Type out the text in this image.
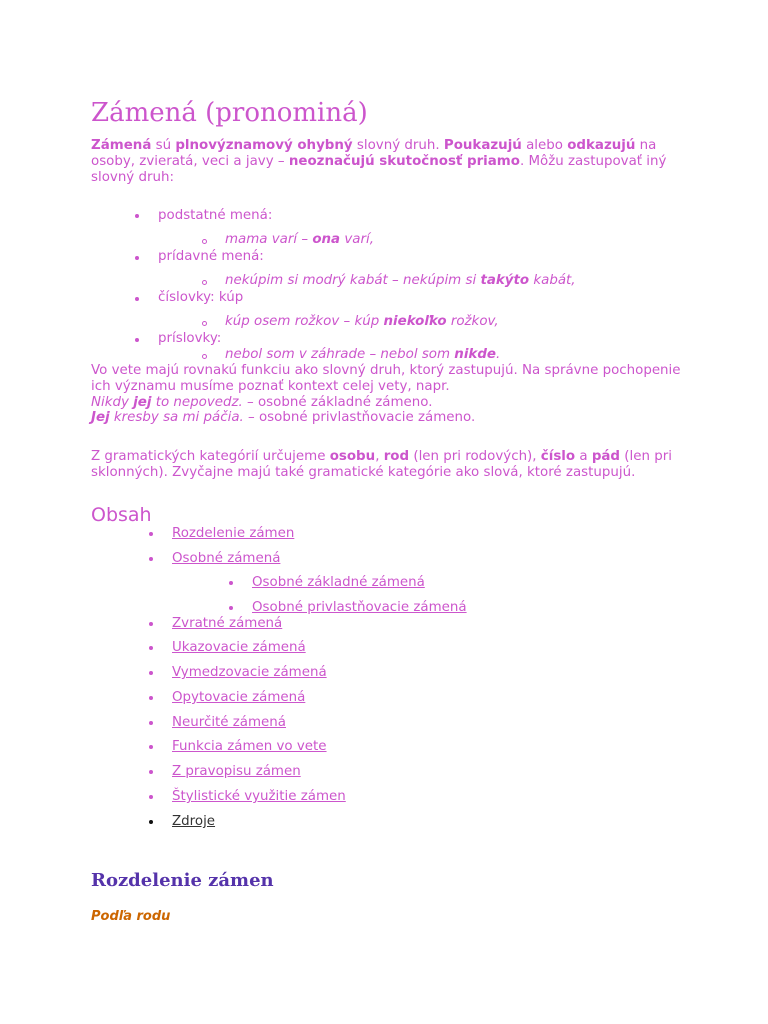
Zámená (pronominá)

Zámená sú plnovýznamový ohybný slovný druh. Poukazujú alebo odkazujú na osoby, zvieratá, veci a javy – neoznačujú skutočnosť priamo. Môžu zastupovať iný slovný druh:

podstatné mená:
mama varí – ona varí,
prídavné mená:
nekúpim si modrý kabát – nekúpim si takýto kabát,
číslovky: kúp
kúp osem rožkov – kúp niekoľko rožkov,
príslovky:
nebol som v záhrade – nebol som nikde.

Vo vete majú rovnakú funkciu ako slovný druh, ktorý zastupujú. Na správne pochopenie ich významu musíme poznať kontext celej vety, napr.

Nikdy jej to nepovedz. – osobné základné zámeno.
Jej kresby sa mi páčia. – osobné privlastňovacie zámeno.

Z gramatických kategórií určujeme osobu, rod (len pri rodových), číslo a pád (len pri sklonných). Zvyčajne majú také gramatické kategórie ako slová, ktoré zastupujú.

Obsah
Rozdelenie zámen
Osobné zámená
Osobné základné zámená
Osobné privlastňovacie zámená
Zvratné zámená
Ukazovacie zámená
Vymedzovacie zámená
Opytovacie zámená
Neurčité zámená
Funkcia zámen vo vete
Z pravopisu zámen
Štylistické využitie zámen
Zdroje
Rozdelenie zámen
Podľa rodu
